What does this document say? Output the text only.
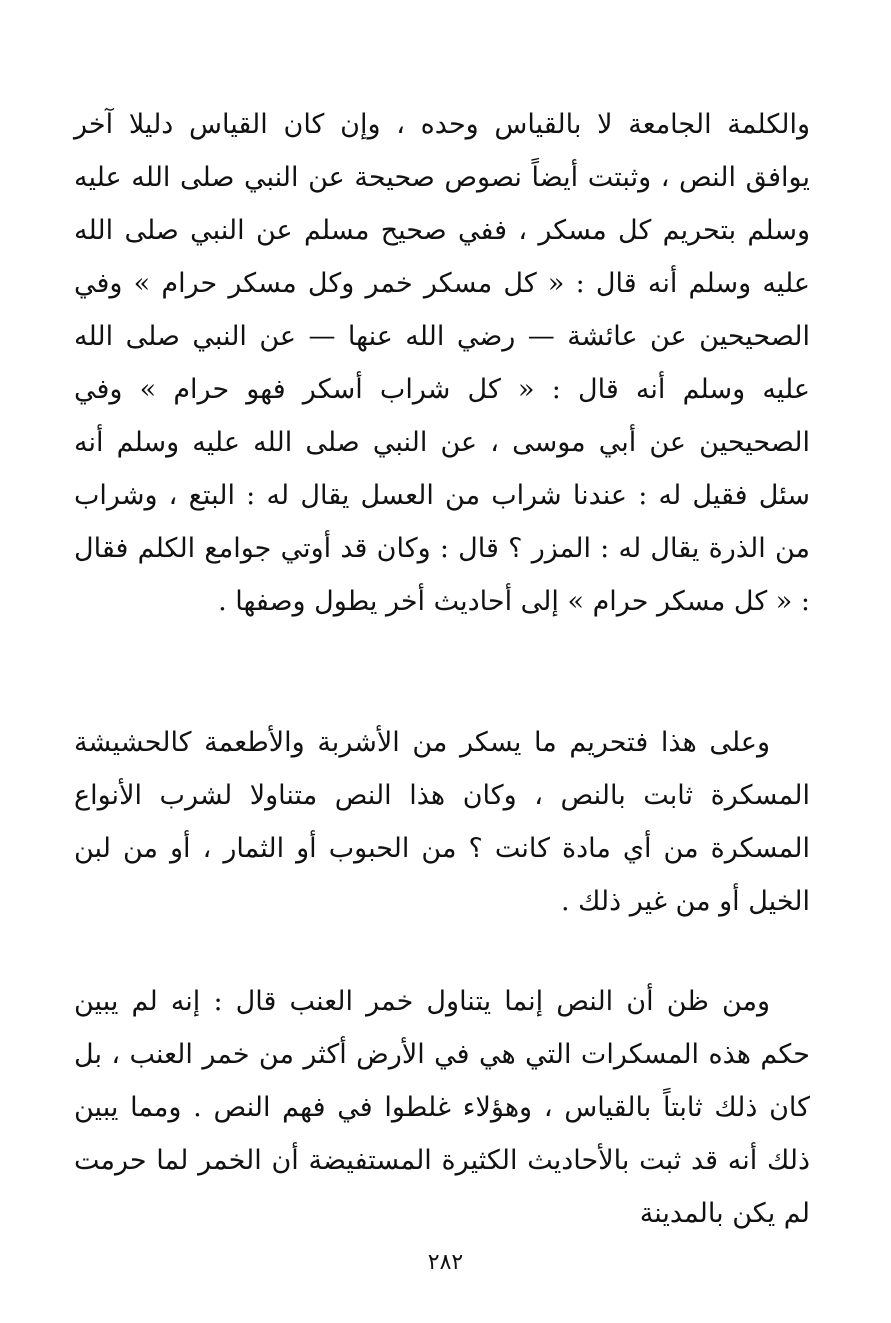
والكلمة الجامعة لا بالقياس وحده ، وإن كان القياس دليلا آخر يوافق النص ، وثبتت أيضاً نصوص صحيحة عن النبي صلى الله عليه وسلم بتحريم كل مسكر ، ففي صحيح مسلم عن النبي صلى الله عليه وسلم أنه قال : « كل مسكر خمر وكل مسكر حرام » وفي الصحيحين عن عائشة — رضي الله عنها — عن النبي صلى الله عليه وسلم أنه قال : « كل شراب أسكر فهو حرام » وفي الصحيحين عن أبي موسى ، عن النبي صلى الله عليه وسلم أنه سئل فقيل له : عندنا شراب من العسل يقال له : البتع ، وشراب من الذرة يقال له : المزر ؟ قال : وكان قد أوتي جوامع الكلم فقال : « كل مسكر حرام » إلى أحاديث أخر يطول وصفها .

وعلى هذا فتحريم ما يسكر من الأشربة والأطعمة كالحشيشة المسكرة ثابت بالنص ، وكان هذا النص متناولا لشرب الأنواع المسكرة من أي مادة كانت ؟ من الحبوب أو الثمار ، أو من لبن الخيل أو من غير ذلك .

ومن ظن أن النص إنما يتناول خمر العنب قال : إنه لم يبين حكم هذه المسكرات التي هي في الأرض أكثر من خمر العنب ، بل كان ذلك ثابتاً بالقياس ، وهؤلاء غلطوا في فهم النص . ومما يبين ذلك أنه قد ثبت بالأحاديث الكثيرة المستفيضة أن الخمر لما حرمت لم يكن بالمدينة

٢٨٢
